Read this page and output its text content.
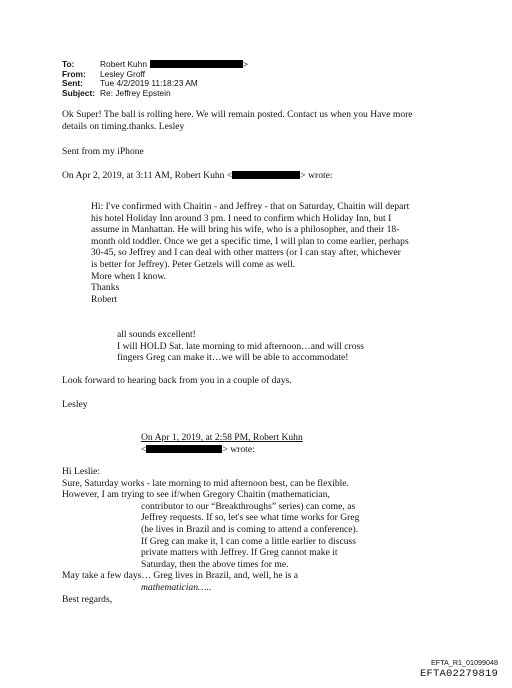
To:	Robert Kuhn	>
From:	Lesley Groff
Sent:	Tue 4/2/2019 11:18:23 AM
Subject: Re: Jeffrey Epstein
Ok Super! The ball is rolling here. We will remain posted. Contact us when you Have more
details on timing.thanks. Lesley
Sent from my iPhone
On Apr 2, 2019, at 3:11 AM, Robert Kuhn <	> wrote:
Hi: I've confirmed with Chaitin - and Jeffrey - that on Saturday, Chaitin will depart
his hotel Holiday Inn around 3 pm. I need to confirm which Holiday Inn, but I
assume in Manhattan. He will bring his wife, who is a philosopher, and their 18-
month old toddler. Once we get a specific time, I will plan to come earlier, perhaps
30-45, so Jeffrey and I can deal with other matters (or I can stay after, whichever
is better for Jeffrey). Peter Getzels will come as well.
More when I know.
Thanks
Robert
all sounds excellent!
I will HOLD Sat. late morning to mid afternoon…and will cross
fingers Greg can make it…we will be able to accommodate!
Look forward to hearing back from you in a couple of days.
Lesley
On Apr 1, 2019, at 2:58 PM, Robert Kuhn
<	> wrote:
Hi Leslie:
Sure, Saturday works - late morning to mid afternoon best, can be flexible.
However, I am trying to see if/when Gregory Chaitin (mathematician,
contributor to our “Breakthroughs” series) can come, as
Jeffrey requests. If so, let's see what time works for Greg
(he lives in Brazil and is coming to attend a conference).
If Greg can make it, I can come a little earlier to discuss
private matters with Jeffrey. If Greg cannot make it
Saturday, then the above times for me.
May take a few days… Greg lives in Brazil, and, well, he is a
mathematician…..
Best regards,
EFTA_R1_01099048
EFTA02279819
